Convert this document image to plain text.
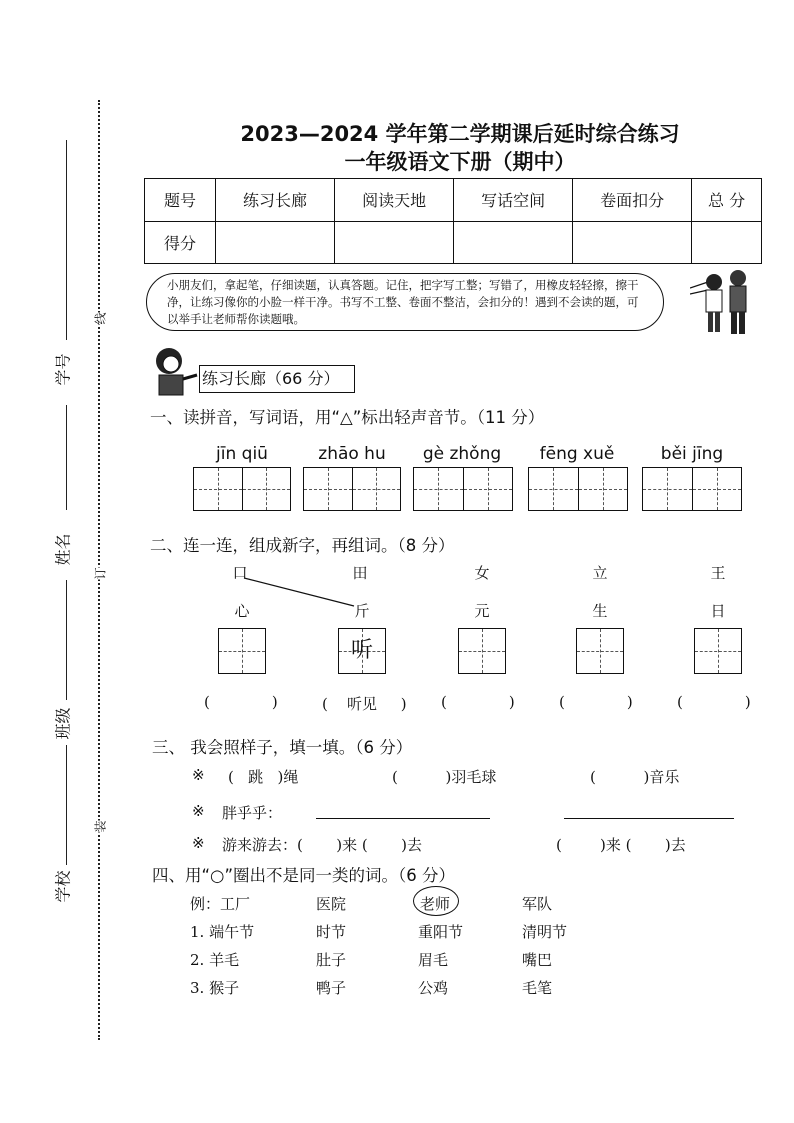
学号
姓名
班级
学校
线
订
装
2023—2024 学年第二学期课后延时综合练习
一年级语文下册（期中）
题号	练习长廊	阅读天地	写话空间	卷面扣分	总 分
得分					
小朋友们，拿起笔，仔细读题，认真答题。记住，把字写工整；写错了，用橡皮轻轻擦，擦干净，让练习像你的小脸一样干净。书写不工整、卷面不整洁，会扣分的！遇到不会读的题，可以举手让老师帮你读题哦。
练习长廊（66 分）
一、读拼音，写词语，用“△”标出轻声音节。（11 分）
jīn qiū	zhāo hu	gè zhǒng	fēng xuě	běi jīng
二、连一连，组成新字，再组词。（8 分）
口	田	女	立	王
心	斤	元	生	日
听
(             )	(    听见     ) (             )	(             )	(             )
三、 我会照样子，填一填。（6 分）
※ (   跳   )绳	(          )羽毛球	(          )音乐
※ 胖乎乎：
※ 游来游去：( )来 ( )去	(        )来 ( )去
四、用“○”圈出不是同一类的词。（6 分）
例：工厂	医院	老师	军队
1. 端午节	时节	重阳节	清明节
2. 羊毛	肚子	眉毛	嘴巴
3. 猴子	鸭子	公鸡	毛笔
